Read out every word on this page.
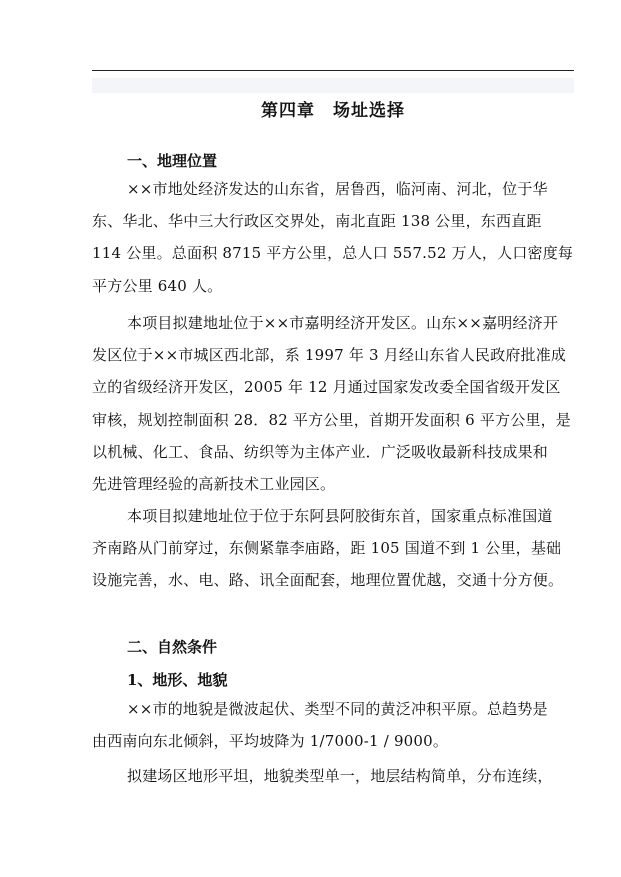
第四章 场址选择
一、地理位置
××市地处经济发达的山东省，居鲁西，临河南、河北，位于华
东、华北、华中三大行政区交界处，南北直距 138 公里，东西直距
114 公里。总面积 8715 平方公里，总人口 557.52 万人，人口密度每
平方公里 640 人。
本项目拟建地址位于××市嘉明经济开发区。山东××嘉明经济开
发区位于××市城区西北部，系 1997 年 3 月经山东省人民政府批准成
立的省级经济开发区，2005 年 12 月通过国家发改委全国省级开发区
审核，规划控制面积 28．82 平方公里，首期开发面积 6 平方公里，是
以机械、化工、食品、纺织等为主体产业．广泛吸收最新科技成果和
先进管理经验的高新技术工业园区。
本项目拟建地址位于位于东阿县阿胶街东首，国家重点标准国道
齐南路从门前穿过，东侧紧靠李庙路，距 105 国道不到 1 公里，基础
设施完善，水、电、路、讯全面配套，地理位置优越，交通十分方便。
二、自然条件
1、地形、地貌
××市的地貌是微波起伏、类型不同的黄泛冲积平原。总趋势是
由西南向东北倾斜，平均坡降为 1/7000-1 / 9000。
拟建场区地形平坦，地貌类型单一，地层结构简单，分布连续，
